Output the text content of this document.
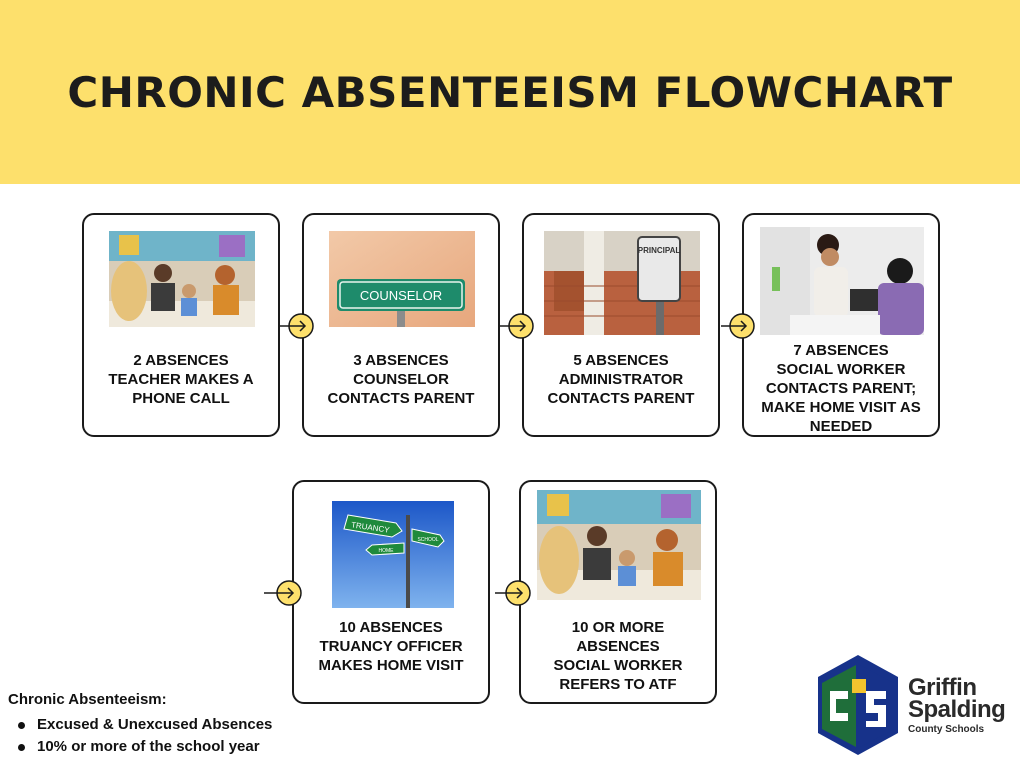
CHRONIC ABSENTEEISM FLOWCHART
2 ABSENCES
TEACHER MAKES A
PHONE CALL
COUNSELOR
3 ABSENCES
COUNSELOR
CONTACTS PARENT
PRINCIPAL
5 ABSENCES
ADMINISTRATOR
CONTACTS PARENT
7 ABSENCES
SOCIAL WORKER
CONTACTS PARENT;
MAKE HOME VISIT AS
NEEDED
TRUANCY
SCHOOL
HOME
10 ABSENCES
TRUANCY OFFICER
MAKES HOME VISIT
10 OR MORE
ABSENCES
SOCIAL WORKER
REFERS TO ATF
Chronic Absenteeism:
Excused & Unexcused Absences
10% or more of the school year
Griffin
Spalding
County Schools
